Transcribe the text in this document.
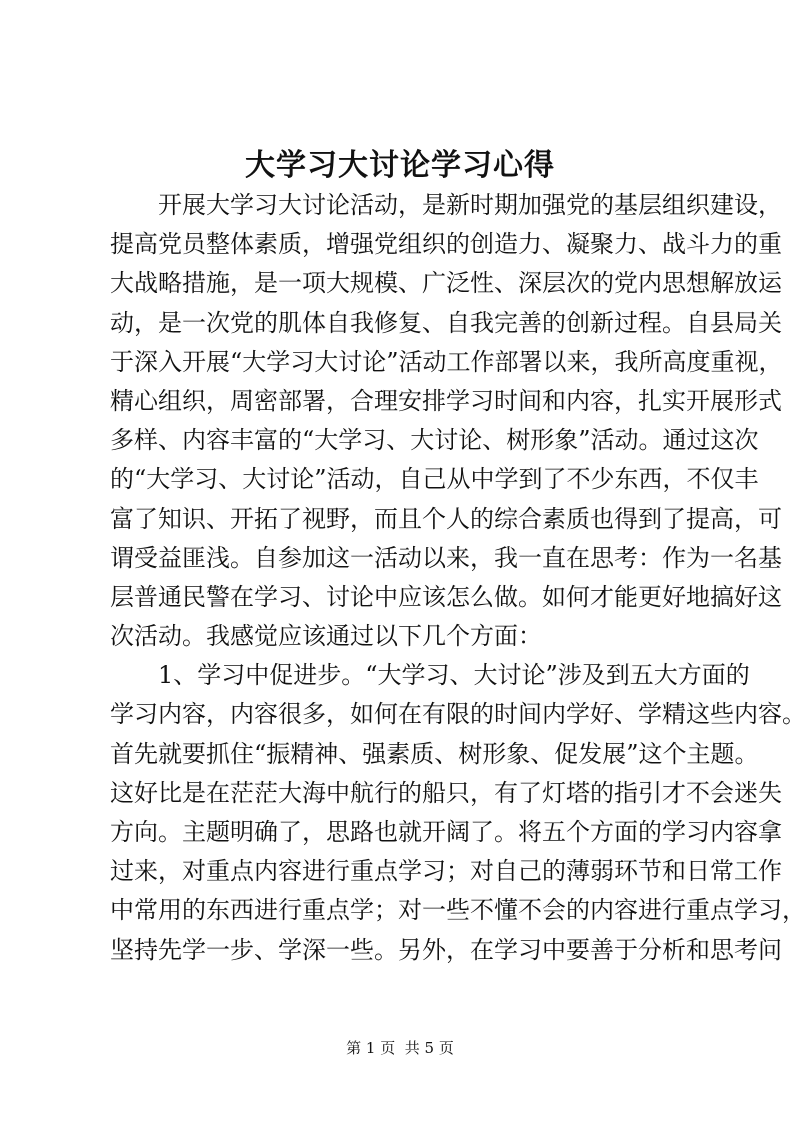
大学习大讨论学习心得
开展大学习大讨论活动，是新时期加强党的基层组织建设，
提高党员整体素质，增强党组织的创造力、凝聚力、战斗力的重
大战略措施，是一项大规模、广泛性、深层次的党内思想解放运
动，是一次党的肌体自我修复、自我完善的创新过程。自县局关
于深入开展“大学习大讨论”活动工作部署以来，我所高度重视，
精心组织，周密部署，合理安排学习时间和内容，扎实开展形式
多样、内容丰富的“大学习、大讨论、树形象”活动。通过这次
的“大学习、大讨论”活动，自己从中学到了不少东西，不仅丰
富了知识、开拓了视野，而且个人的综合素质也得到了提高，可
谓受益匪浅。自参加这一活动以来，我一直在思考：作为一名基
层普通民警在学习、讨论中应该怎么做。如何才能更好地搞好这
次活动。我感觉应该通过以下几个方面：
1、学习中促进步。“大学习、大讨论”涉及到五大方面的
学习内容，内容很多，如何在有限的时间内学好、学精这些内容。
首先就要抓住“振精神、强素质、树形象、促发展”这个主题。
这好比是在茫茫大海中航行的船只，有了灯塔的指引才不会迷失
方向。主题明确了，思路也就开阔了。将五个方面的学习内容拿
过来，对重点内容进行重点学习；对自己的薄弱环节和日常工作
中常用的东西进行重点学；对一些不懂不会的内容进行重点学习，
坚持先学一步、学深一些。另外，在学习中要善于分析和思考问
第 1 页  共 5 页
